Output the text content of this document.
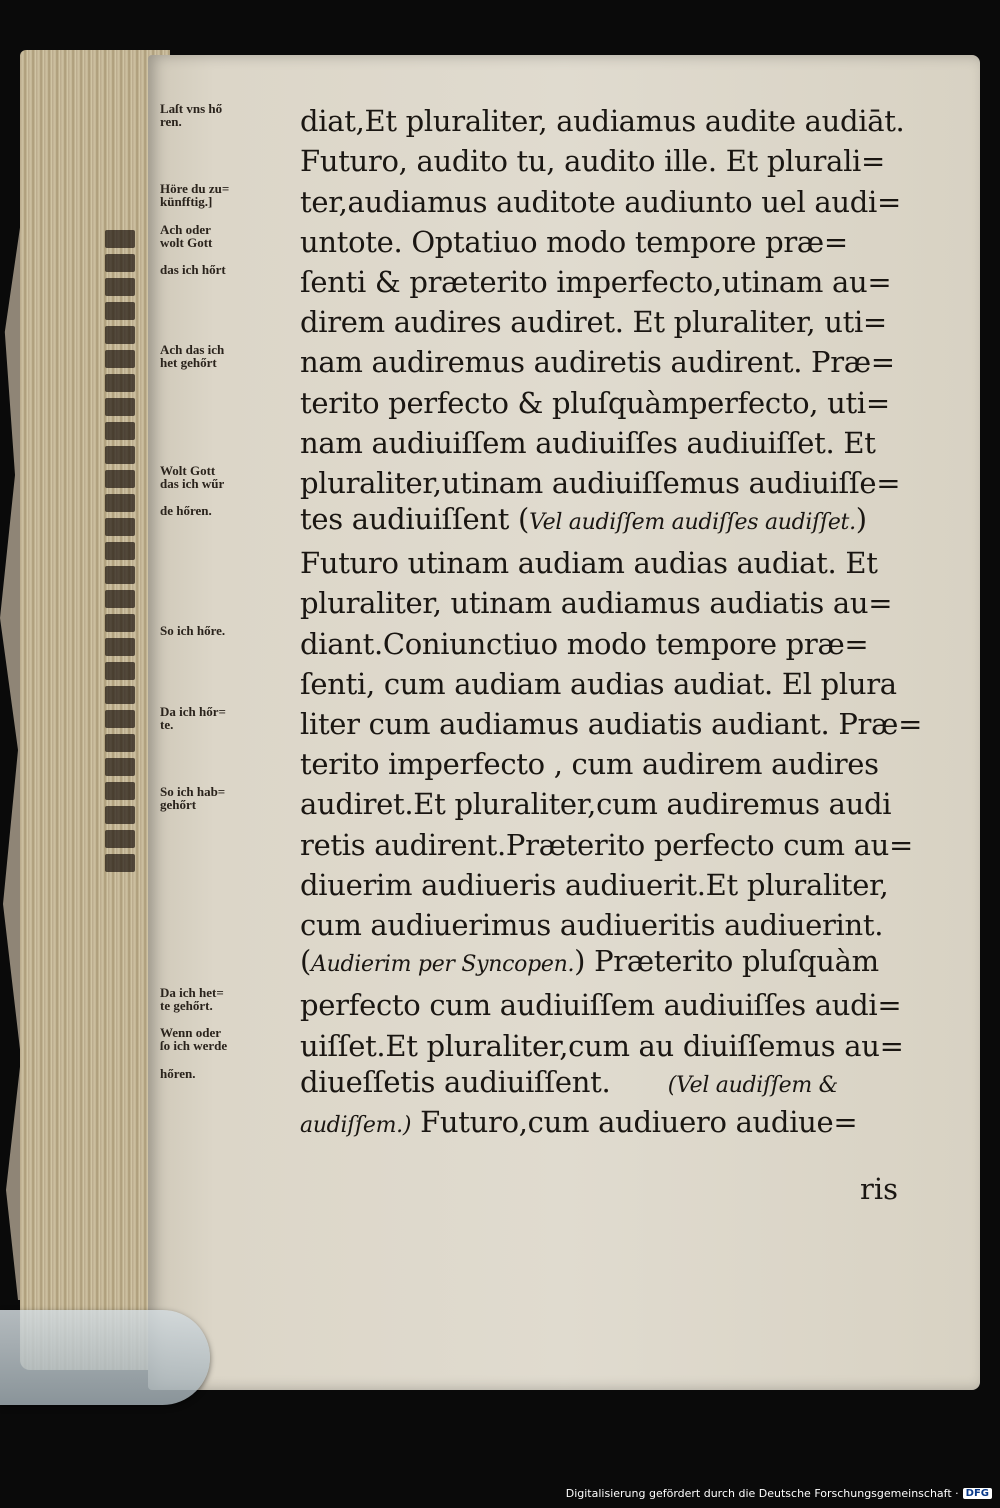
Laſt vns hő
ren.	diat,Et pluraliter, audiamus audite audiāt.
Futuro, audito tu, audito ille. Et plurali=
Höre du zu=
künfftig.]	ter,audiamus auditote audiunto uel audi=
Ach oder
wolt Gott	untote. Optatiuo modo tempore præ=
das ich hőrt	ſenti & præterito imperfecto,utinam au=
direm audires audiret. Et pluraliter, uti=
Ach das ich
het gehőrt	nam audiremus audiretis audirent. Præ=
terito perfecto & pluſquàmperfecto, uti=
nam audiuiſſem audiuiſſes audiuiſſet. Et
Wolt Gott
das ich wűr	pluraliter,utinam audiuiſſemus audiuiſſe=
de hőren.	tes audiuiſſent (Vel audiſſem audiſſes audiſſet.)
Futuro utinam audiam audias audiat. Et
pluraliter, utinam audiamus audiatis au=
So ich hőre.	diant.Coniunctiuo modo tempore præ=
ſenti, cum audiam audias audiat. El plura
Da ich hőr=
te.	liter cum audiamus audiatis audiant. Præ=
terito imperfecto , cum audirem audires
So ich hab=
gehőrt	audiret.Et pluraliter,cum audiremus audi
retis audirent.Præterito perfecto cum au=
diuerim audiueris audiuerit.Et pluraliter,
cum audiuerimus audiueritis audiuerint.
(Audierim per Syncopen.) Præterito pluſquàm
Da ich het=
te gehőrt.	perfecto cum audiuiſſem audiuiſſes audi=
Wenn oder
ſo ich werde	uiſſet.Et pluraliter,cum au diuiſſemus au=
hőren.	diueſſetis audiuiſſent.  	(Vel audiſſem &
audiſſem.) Futuro,cum audiuero audiue=
ris
Digitalisierung gefördert durch die Deutsche Forschungsgemeinschaft · DFG
